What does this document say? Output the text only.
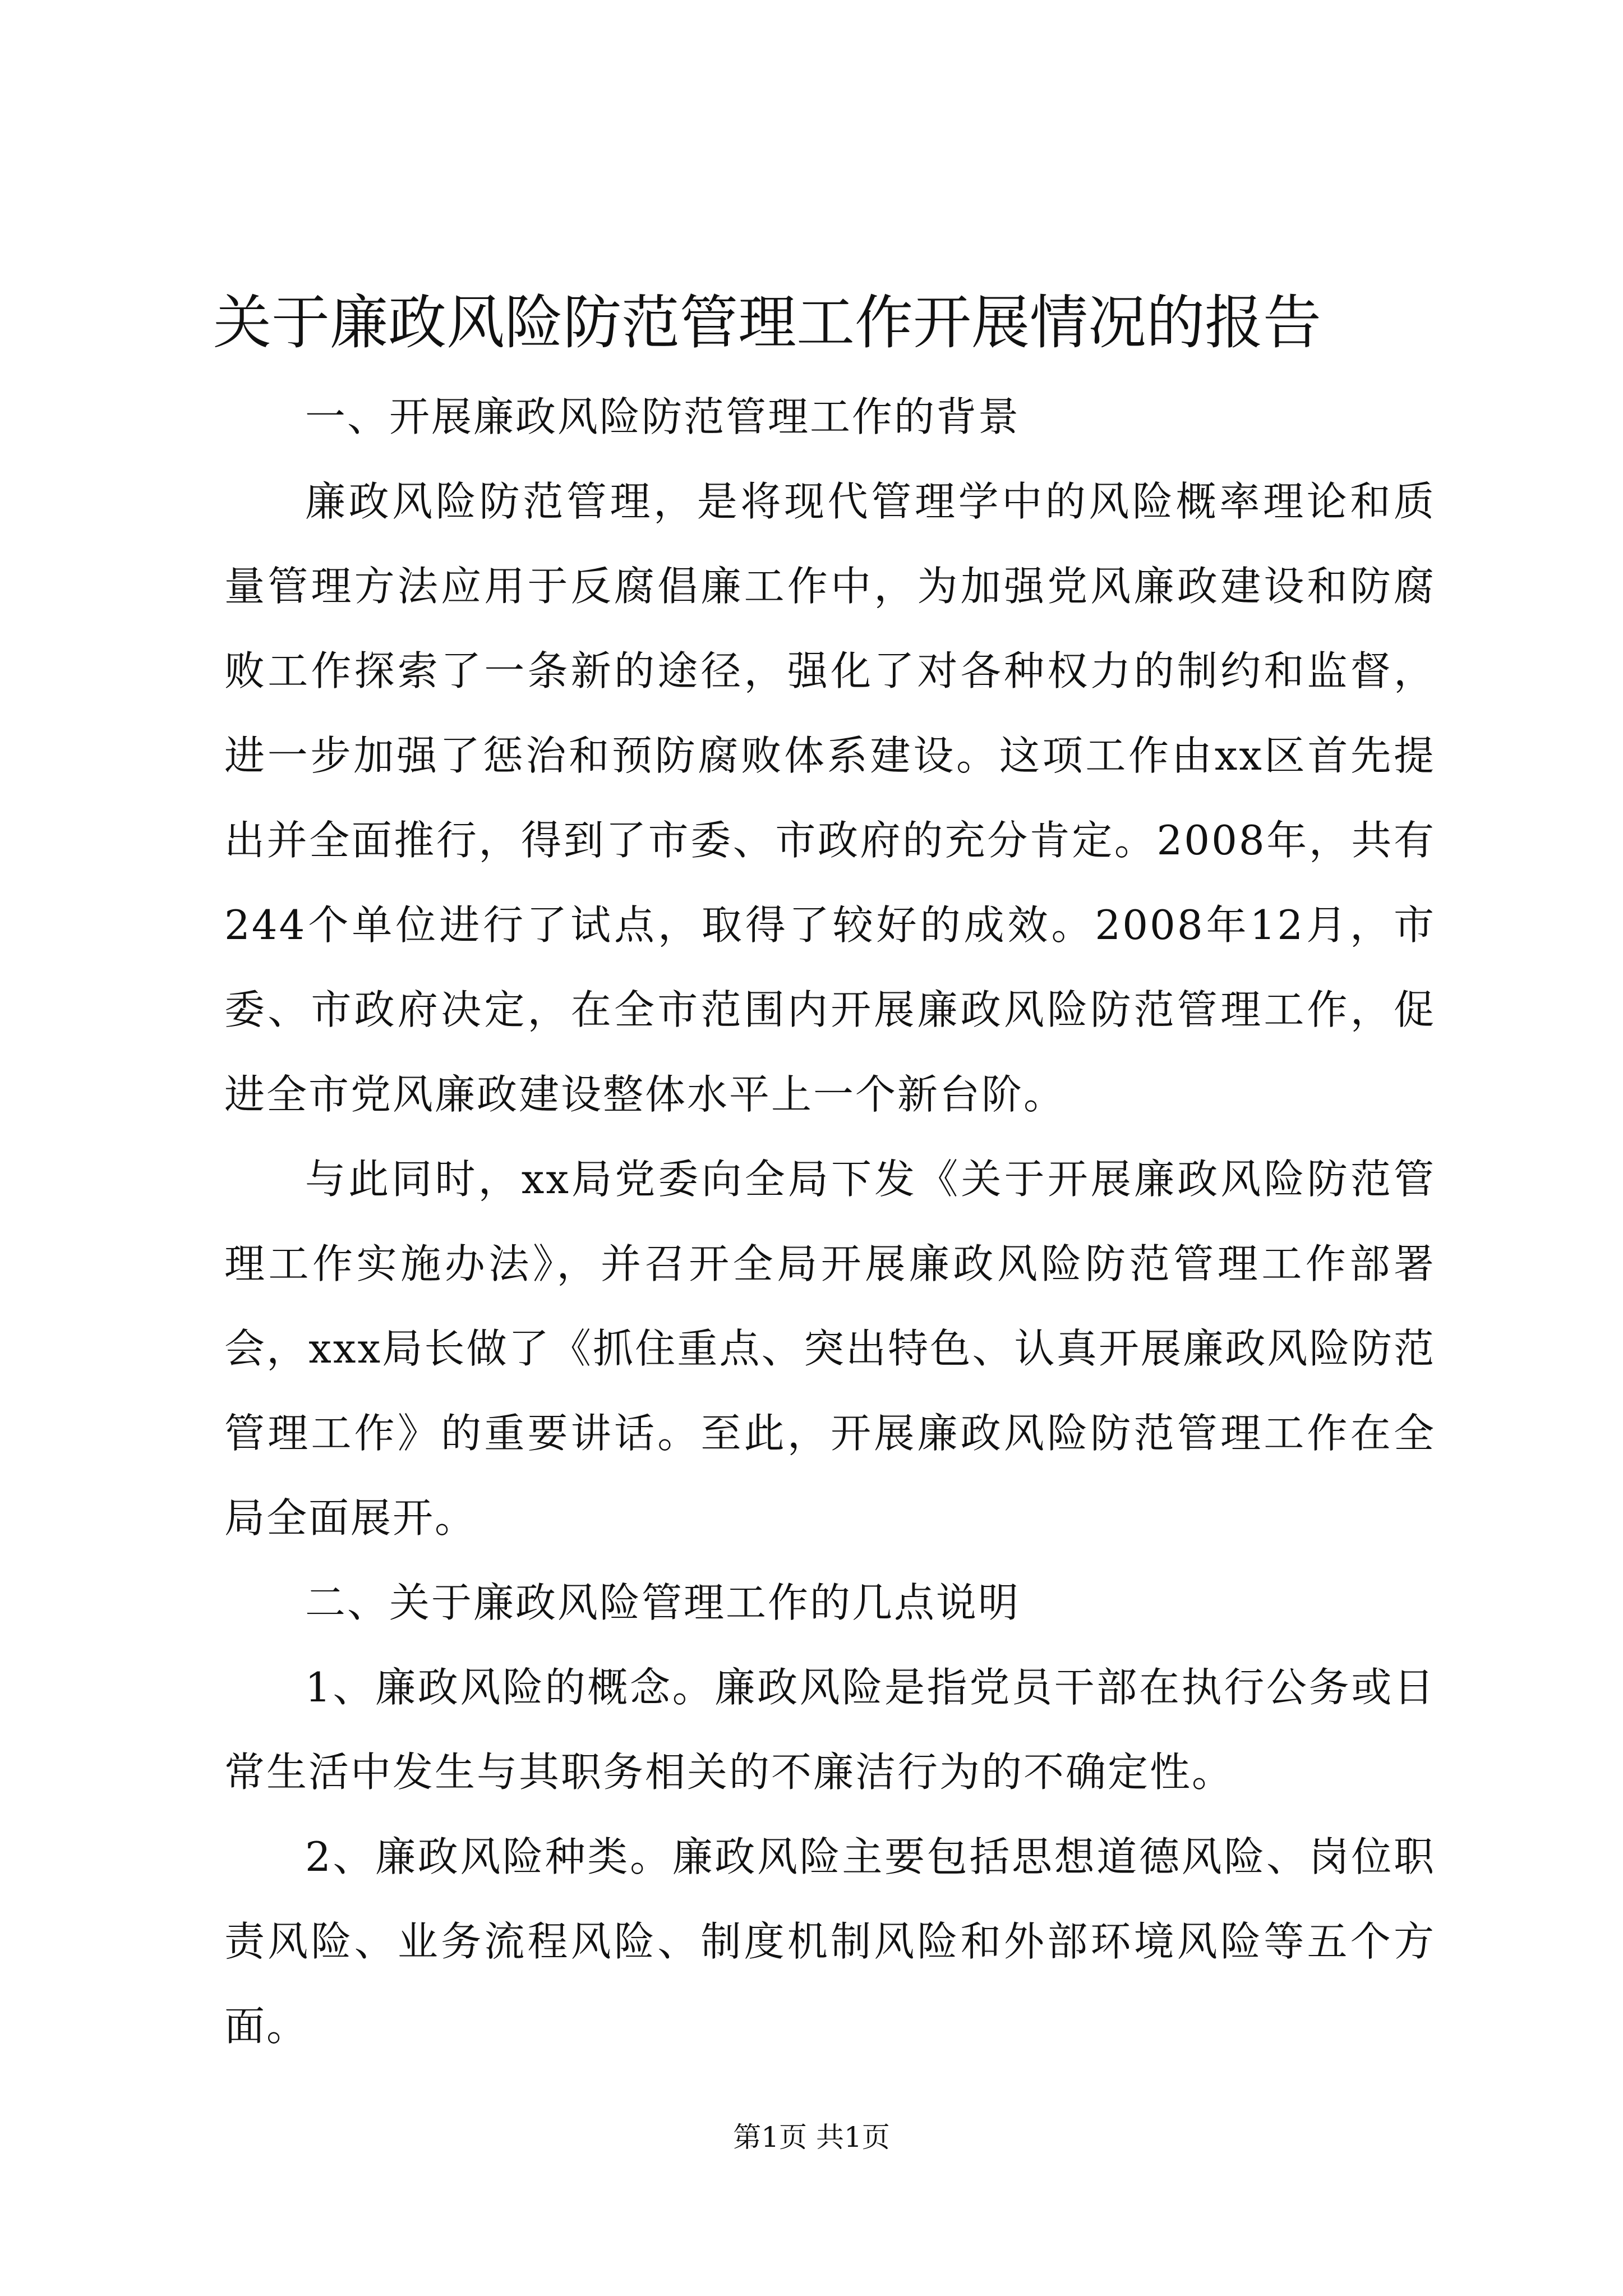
关于廉政风险防范管理工作开展情况的报告

一、开展廉政风险防范管理工作的背景

廉政风险防范管理，是将现代管理学中的风险概率理论和质量管理方法应用于反腐倡廉工作中，为加强党风廉政建设和防腐败工作探索了一条新的途径，强化了对各种权力的制约和监督，进一步加强了惩治和预防腐败体系建设。这项工作由xx区首先提出并全面推行，得到了市委、市政府的充分肯定。2008年，共有244个单位进行了试点，取得了较好的成效。2008年12月，市委、市政府决定，在全市范围内开展廉政风险防范管理工作，促进全市党风廉政建设整体水平上一个新台阶。

与此同时，xx局党委向全局下发《关于开展廉政风险防范管理工作实施办法》，并召开全局开展廉政风险防范管理工作部署会，xxx局长做了《抓住重点、突出特色、认真开展廉政风险防范管理工作》的重要讲话。至此，开展廉政风险防范管理工作在全局全面展开。

二、关于廉政风险管理工作的几点说明

1、廉政风险的概念。廉政风险是指党员干部在执行公务或日常生活中发生与其职务相关的不廉洁行为的不确定性。

2、廉政风险种类。廉政风险主要包括思想道德风险、岗位职责风险、业务流程风险、制度机制风险和外部环境风险等五个方面。

第1页 共1页
